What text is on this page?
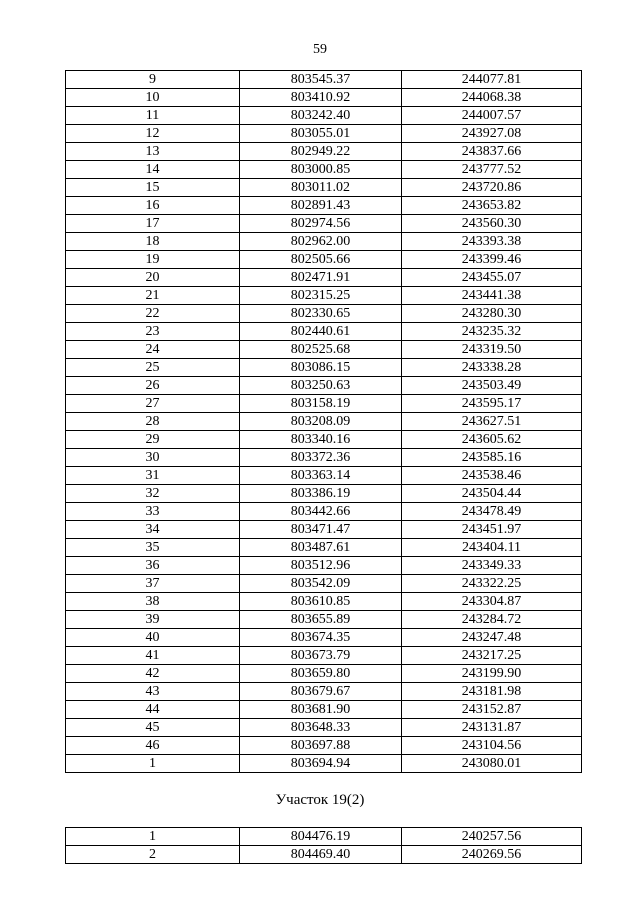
59
9	803545.37	244077.81
10	803410.92	244068.38
11	803242.40	244007.57
12	803055.01	243927.08
13	802949.22	243837.66
14	803000.85	243777.52
15	803011.02	243720.86
16	802891.43	243653.82
17	802974.56	243560.30
18	802962.00	243393.38
19	802505.66	243399.46
20	802471.91	243455.07
21	802315.25	243441.38
22	802330.65	243280.30
23	802440.61	243235.32
24	802525.68	243319.50
25	803086.15	243338.28
26	803250.63	243503.49
27	803158.19	243595.17
28	803208.09	243627.51
29	803340.16	243605.62
30	803372.36	243585.16
31	803363.14	243538.46
32	803386.19	243504.44
33	803442.66	243478.49
34	803471.47	243451.97
35	803487.61	243404.11
36	803512.96	243349.33
37	803542.09	243322.25
38	803610.85	243304.87
39	803655.89	243284.72
40	803674.35	243247.48
41	803673.79	243217.25
42	803659.80	243199.90
43	803679.67	243181.98
44	803681.90	243152.87
45	803648.33	243131.87
46	803697.88	243104.56
1	803694.94	243080.01
Участок 19(2)
1	804476.19	240257.56
2	804469.40	240269.56
